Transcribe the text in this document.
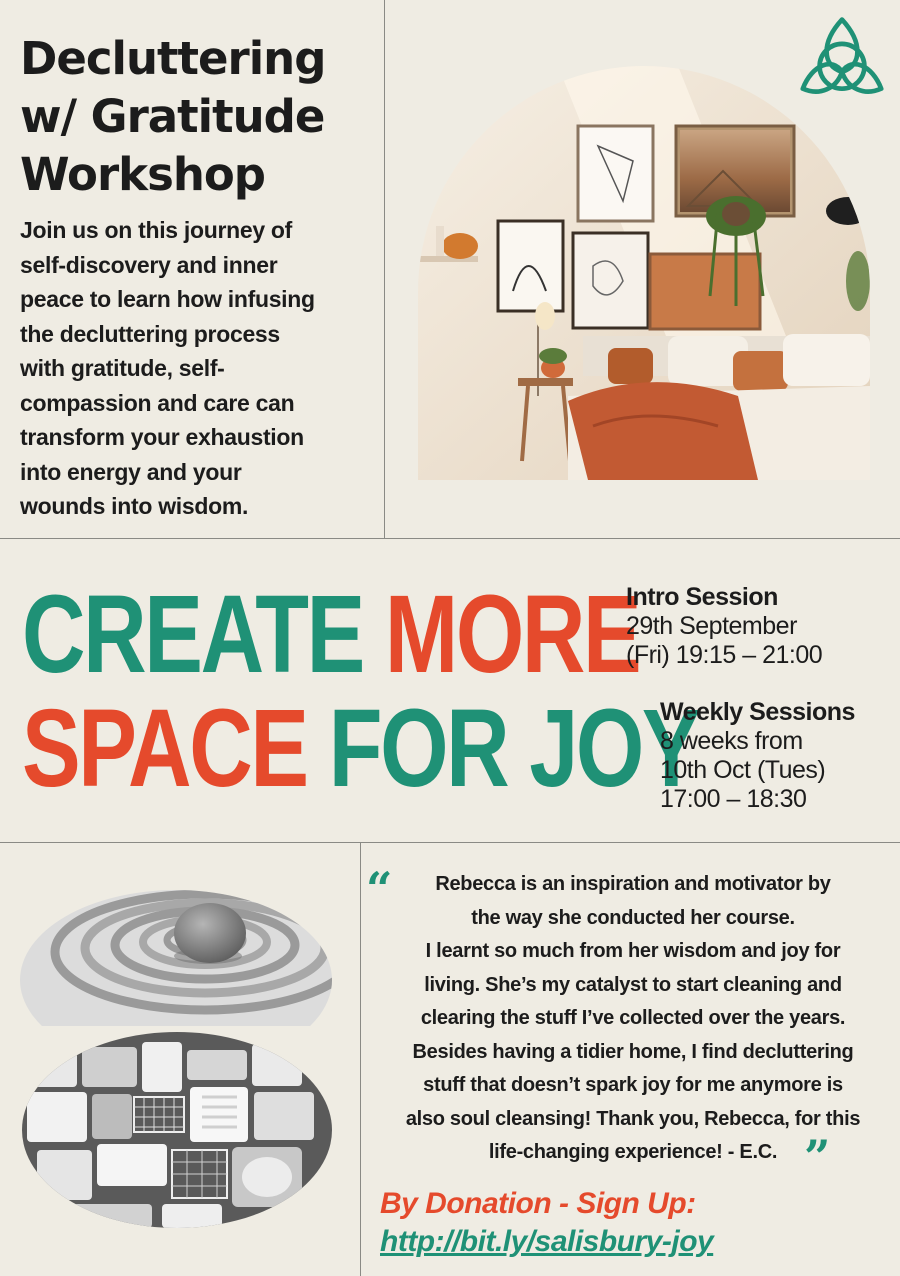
Decluttering
w/ Gratitude
Workshop
Join us on this journey of
self-discovery and inner
peace to learn how infusing
the decluttering process
with gratitude, self-
compassion and care can
transform your exhaustion
into energy and your
wounds into wisdom.
CREATE MORE
SPACE FOR JOY
Intro Session
29th September
(Fri) 19:15 – 21:00
Weekly Sessions
8 weeks from
10th Oct (Tues)
17:00 – 18:30
“	Rebecca is an inspiration and motivator by
the way she conducted her course.
I learnt so much from her wisdom and joy for
living. She’s my catalyst to start cleaning and
clearing the stuff I’ve collected over the years.
Besides having a tidier home, I find decluttering
stuff that doesn’t spark joy for me anymore is
also soul cleansing! Thank you, Rebecca, for this
life-changing experience! - E.C. ”
By Donation - Sign Up:
http://bit.ly/salisbury-joy
